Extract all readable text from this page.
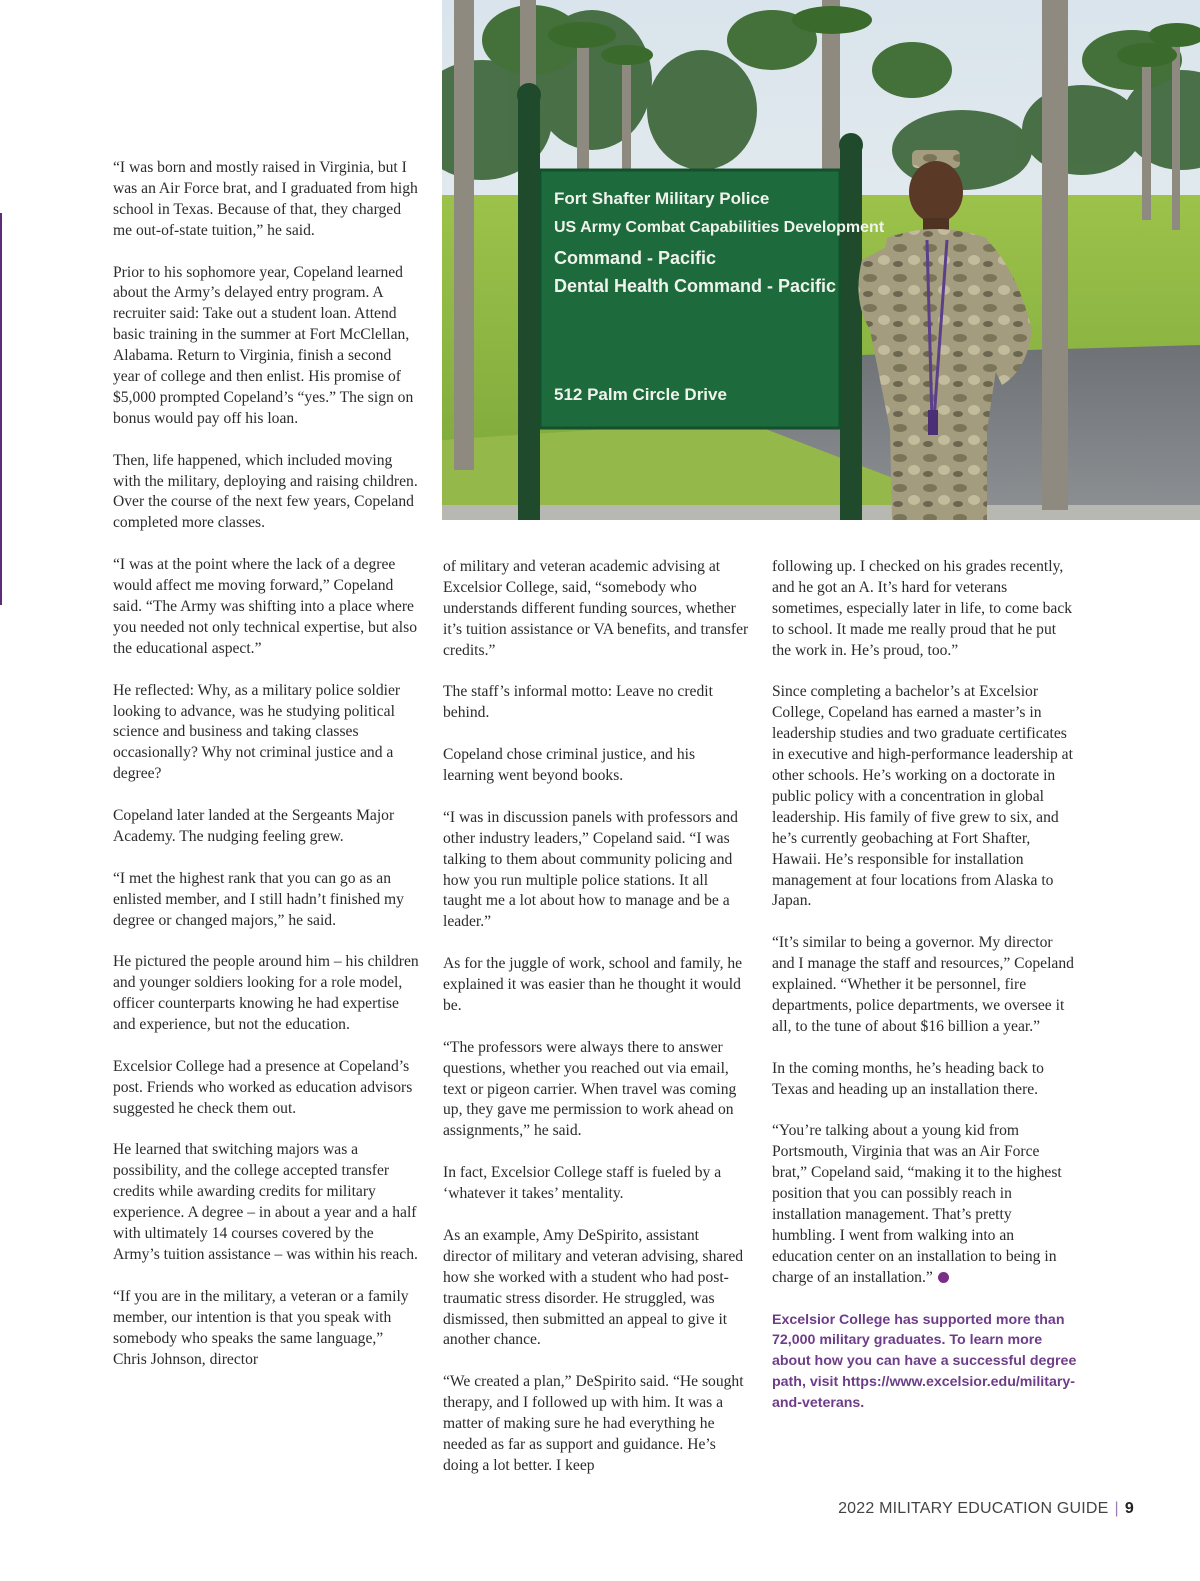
Fort Shafter Military Police
US Army Combat Capabilities Development
Command - Pacific
Dental Health Command - Pacific
512 Palm Circle Drive

“I was born and mostly raised in Virginia, but I was an Air Force brat, and I graduated from high school in Texas. Because of that, they charged me out-of-state tuition,” he said.

Prior to his sophomore year, Copeland learned about the Army’s delayed entry program. A recruiter said: Take out a student loan. Attend basic training in the summer at Fort McClellan, Alabama. Return to Virginia, finish a second year of college and then enlist. His promise of $5,000 prompted Copeland’s “yes.” The sign on bonus would pay off his loan.

Then, life happened, which included moving with the military, deploying and raising children. Over the course of the next few years, Copeland completed more classes.

“I was at the point where the lack of a degree would affect me moving forward,” Copeland said. “The Army was shifting into a place where you needed not only technical expertise, but also the educational aspect.”

He reflected: Why, as a military police soldier looking to advance, was he studying political science and business and taking classes occasionally? Why not criminal justice and a degree?

Copeland later landed at the Sergeants Major Academy. The nudging feeling grew.

“I met the highest rank that you can go as an enlisted member, and I still hadn’t finished my degree or changed majors,” he said.

He pictured the people around him – his children and younger soldiers looking for a role model, officer counterparts knowing he had expertise and experience, but not the education.

Excelsior College had a presence at Copeland’s post. Friends who worked as education advisors suggested he check them out.

He learned that switching majors was a possibility, and the college accepted transfer credits while awarding credits for military experience. A degree – in about a year and a half with ultimately 14 courses covered by the Army’s tuition assistance – was within his reach.

“If you are in the military, a veteran or a family member, our intention is that you speak with somebody who speaks the same language,” Chris Johnson, director

of military and veteran academic advising at Excelsior College, said, “somebody who understands different funding sources, whether it’s tuition assistance or VA benefits, and transfer credits.”

The staff’s informal motto: Leave no credit behind.

Copeland chose criminal justice, and his learning went beyond books.

“I was in discussion panels with professors and other industry leaders,” Copeland said. “I was talking to them about community policing and how you run multiple police stations. It all taught me a lot about how to manage and be a leader.”

As for the juggle of work, school and family, he explained it was easier than he thought it would be.

“The professors were always there to answer questions, whether you reached out via email, text or pigeon carrier. When travel was coming up, they gave me permission to work ahead on assignments,” he said.

In fact, Excelsior College staff is fueled by a ‘whatever it takes’ mentality.

As an example, Amy DeSpirito, assistant director of military and veteran advising, shared how she worked with a student who had post-traumatic stress disorder. He struggled, was dismissed, then submitted an appeal to give it another chance.

“We created a plan,” DeSpirito said. “He sought therapy, and I followed up with him. It was a matter of making sure he had everything he needed as far as support and guidance. He’s doing a lot better. I keep

following up. I checked on his grades recently, and he got an A. It’s hard for veterans sometimes, especially later in life, to come back to school. It made me really proud that he put the work in. He’s proud, too.”

Since completing a bachelor’s at Excelsior College, Copeland has earned a master’s in leadership studies and two graduate certificates in executive and high-performance leadership at other schools. He’s working on a doctorate in public policy with a concentration in global leadership. His family of five grew to six, and he’s currently geobaching at Fort Shafter, Hawaii. He’s responsible for installation management at four locations from Alaska to Japan.

“It’s similar to being a governor. My director and I manage the staff and resources,” Copeland explained. “Whether it be personnel, fire departments, police departments, we oversee it all, to the tune of about $16 billion a year.”

In the coming months, he’s heading back to Texas and heading up an installation there.

“You’re talking about a young kid from Portsmouth, Virginia that was an Air Force brat,” Copeland said, “making it to the highest position that you can possibly reach in installation management. That’s pretty humbling. I went from walking into an education center on an installation to being in charge of an installation.”

Excelsior College has supported more than 72,000 military graduates. To learn more about how you can have a successful degree path, visit https://www.excelsior.edu/military-and-veterans.

2022 MILITARY EDUCATION GUIDE | 9
